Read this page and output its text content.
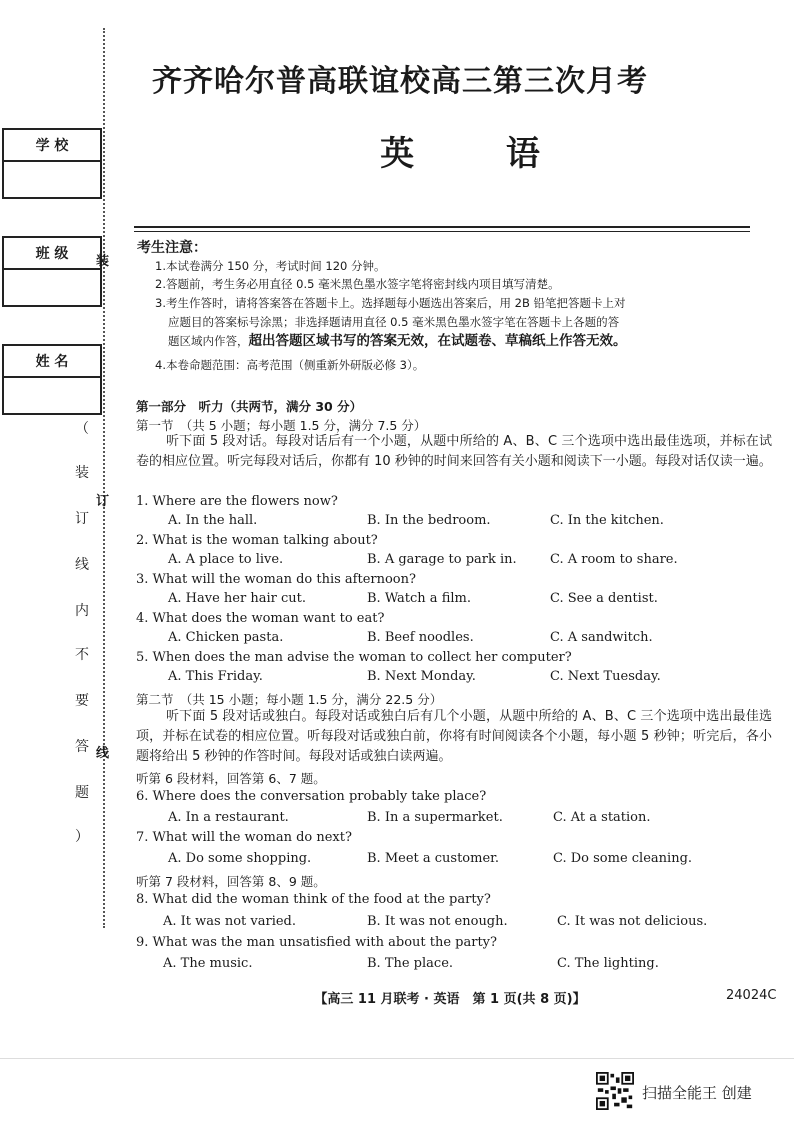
学 校
班 级
姓 名
装
订
线
（
装
订
线
内
不
要
答
题
）
齐齐哈尔普高联谊校高三第三次月考
英 语
考生注意：
1.本试卷满分 150 分，考试时间 120 分钟。
2.答题前，考生务必用直径 0.5 毫米黑色墨水签字笔将密封线内项目填写清楚。
3.考生作答时，请将答案答在答题卡上。选择题每小题选出答案后，用 2B 铅笔把答题卡上对
应题目的答案标号涂黑；非选择题请用直径 0.5 毫米黑色墨水签字笔在答题卡上各题的答
题区域内作答，超出答题区域书写的答案无效，在试题卷、草稿纸上作答无效。
4.本卷命题范围：高考范围（侧重新外研版必修 3）。
第一部分　听力（共两节，满分 30 分）
第一节　（共 5 小题；每小题 1.5 分，满分 7.5 分）
听下面 5 段对话。每段对话后有一个小题，从题中所给的 A、B、C 三个选项中选出最佳选项，并标在试卷的相应位置。听完每段对话后，你都有 10 秒钟的时间来回答有关小题和阅读下一小题。每段对话仅读一遍。
1. Where are the flowers now?
A. In the hall.	B. In the bedroom.	C. In the kitchen.
2. What is the woman talking about?
A. A place to live.	B. A garage to park in.	C. A room to share.
3. What will the woman do this afternoon?
A. Have her hair cut.	B. Watch a film.	C. See a dentist.
4. What does the woman want to eat?
A. Chicken pasta.	B. Beef noodles.	C. A sandwitch.
5. When does the man advise the woman to collect her computer?
A. This Friday.	B. Next Monday.	C. Next Tuesday.
第二节　（共 15 小题；每小题 1.5 分，满分 22.5 分）
听下面 5 段对话或独白。每段对话或独白后有几个小题，从题中所给的 A、B、C 三个选项中选出最佳选项，并标在试卷的相应位置。听每段对话或独白前，你将有时间阅读各个小题，每小题 5 秒钟；听完后，各小题将给出 5 秒钟的作答时间。每段对话或独白读两遍。
听第 6 段材料，回答第 6、7 题。
6. Where does the conversation probably take place?
A. In a restaurant.	B. In a supermarket.	C. At a station.
7. What will the woman do next?
A. Do some shopping.	B. Meet a customer.	C. Do some cleaning.
听第 7 段材料，回答第 8、9 题。
8. What did the woman think of the food at the party?
A. It was not varied.	B. It was not enough.	C. It was not delicious.
9. What was the man unsatisfied with about the party?
A. The music.	B. The place.	C. The lighting.
【高三 11 月联考 · 英语　第 1 页(共 8 页)】	24024C
扫描全能王 创建
